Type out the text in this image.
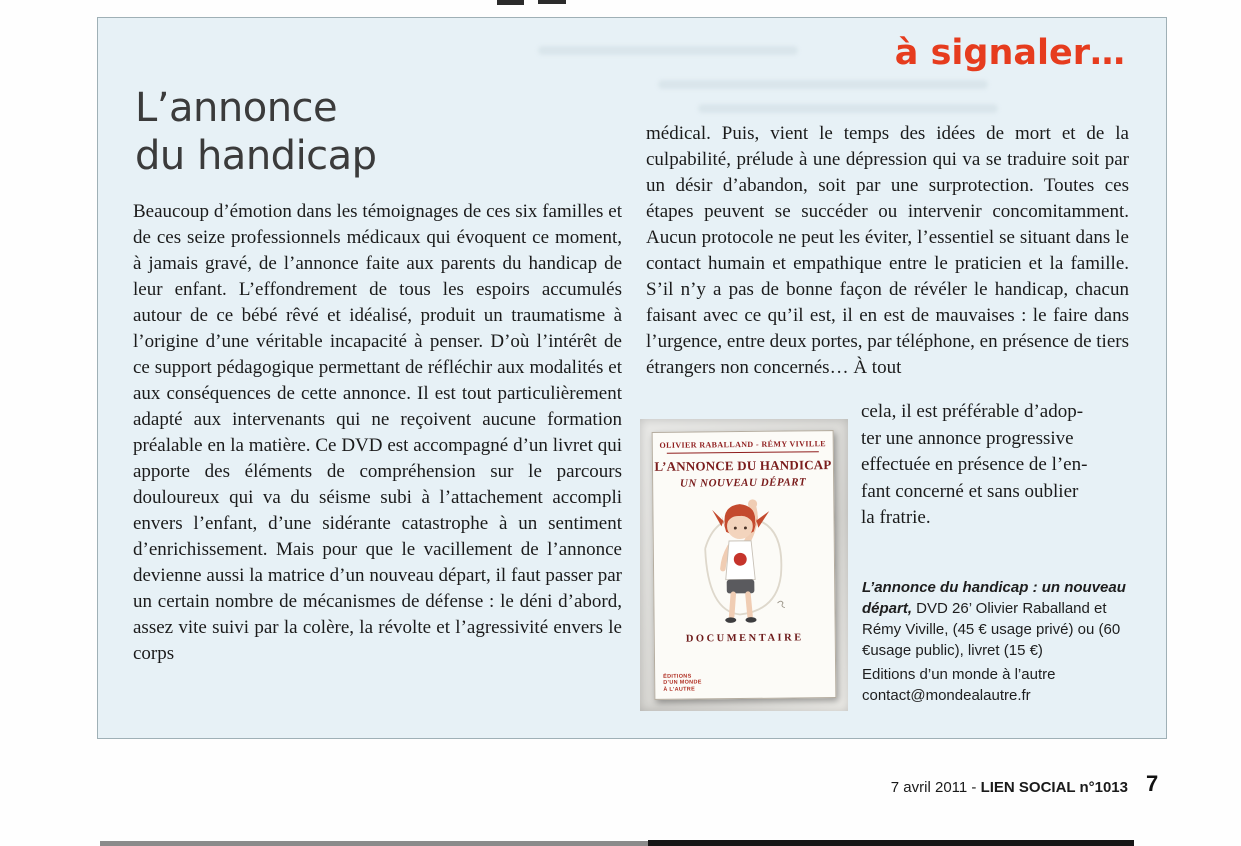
à signaler…
L’annonce
du handicap
Beaucoup d’émotion dans les témoignages de ces six familles et de ces seize professionnels médicaux qui évoquent ce moment, à jamais gravé, de l’annonce faite aux parents du handicap de leur enfant. L’effondrement de tous les espoirs accumulés autour de ce bébé rêvé et idéalisé, produit un traumatisme à l’origine d’une véritable incapacité à penser. D’où l’intérêt de ce support pédagogique permettant de réfléchir aux modalités et aux conséquences de cette annonce. Il est tout particulièrement adapté aux intervenants qui ne reçoivent aucune formation préalable en la matière. Ce DVD est accompagné d’un livret qui apporte des éléments de compréhension sur le parcours douloureux qui va du séisme subi à l’attachement accompli envers l’enfant, d’une sidérante catastrophe à un sentiment d’enrichissement. Mais pour que le vacillement de l’annonce devienne aussi la matrice d’un nouveau départ, il faut passer par un certain nombre de mécanismes de défense : le déni d’abord, assez vite suivi par la colère, la révolte et l’agressivité envers le corps
médical. Puis, vient le temps des idées de mort et de la culpabilité, prélude à une dépression qui va se traduire soit par un désir d’abandon, soit par une surprotection. Toutes ces étapes peuvent se succéder ou intervenir concomitamment. Aucun protocole ne peut les éviter, l’essentiel se situant dans le contact humain et empathique entre le praticien et la famille. S’il n’y a pas de bonne façon de révéler le handicap, chacun faisant avec ce qu’il est, il en est de mauvaises : le faire dans l’urgence, entre deux portes, par téléphone, en présence de tiers étrangers non concernés… À tout
cela, il est préférable d’adop-
ter une annonce progressive
effectuée en présence de l’en-
fant concerné et sans oublier
la fratrie.
OLIVIER RABALLAND - RÉMY VIVILLE
L’ANNONCE DU HANDICAP
UN NOUVEAU DÉPART
DOCUMENTAIRE
ÉDITIONS
D’UN MONDE
À L’AUTRE
L’annonce du handicap : un nouveau départ, DVD 26’ Olivier Raballand et Rémy Viville, (45 € usage privé) ou (60 €usage public), livret (15 €)
Editions d’un monde à l’autre
contact@mondealautre.fr
7 avril 2011 - LIEN SOCIAL n°1013 7
